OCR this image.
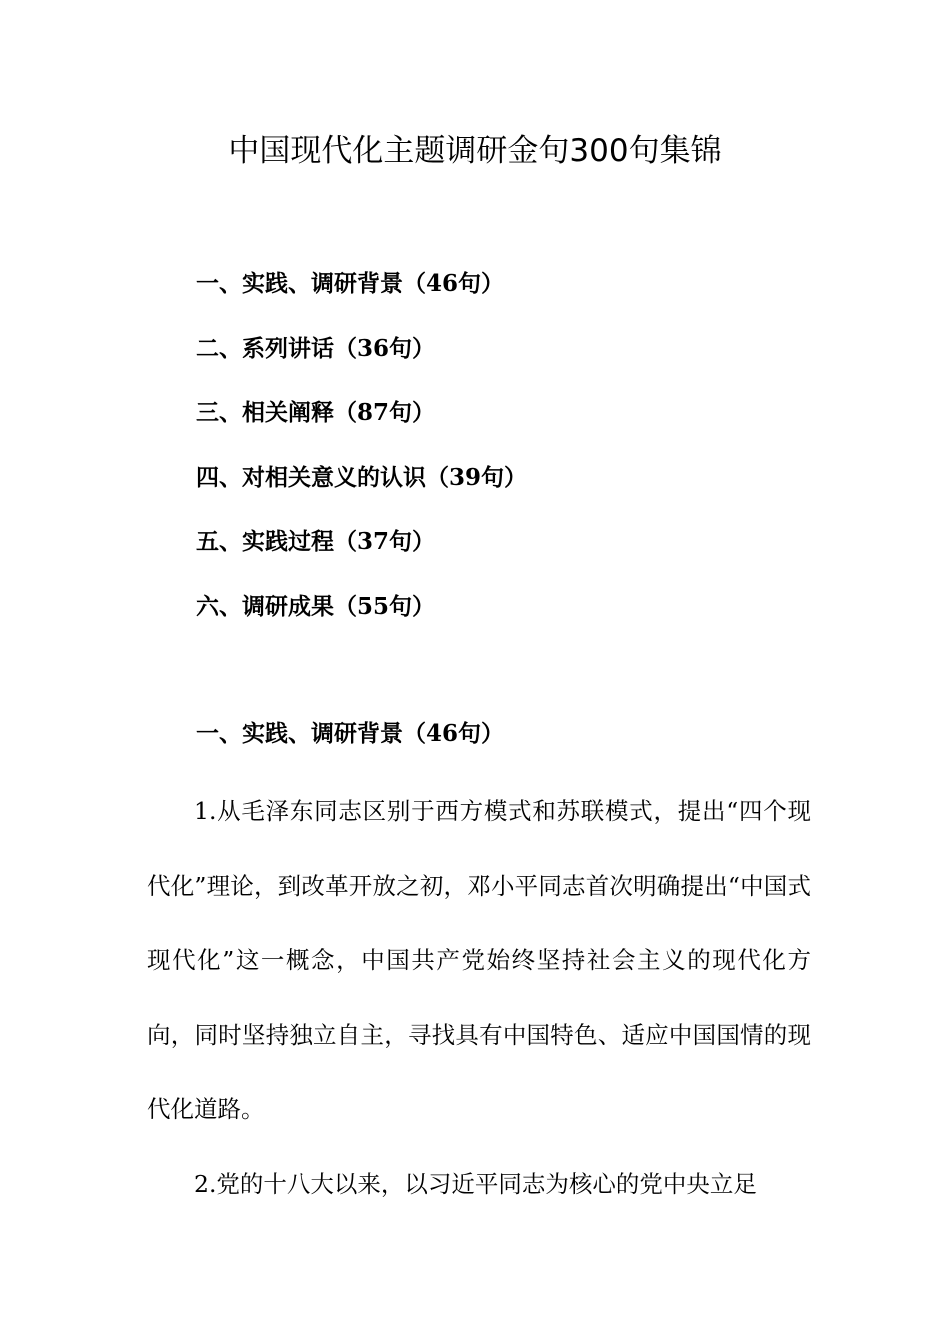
中国现代化主题调研金句300句集锦
一、实践、调研背景（46句）
二、系列讲话（36句）
三、相关阐释（87句）
四、对相关意义的认识（39句）
五、实践过程（37句）
六、调研成果（55句）
一、实践、调研背景（46句）

1.从毛泽东同志区别于西方模式和苏联模式，提出“四个现代化”理论，到改革开放之初，邓小平同志首次明确提出“中国式现代化”这一概念，中国共产党始终坚持社会主义的现代化方向，同时坚持独立自主，寻找具有中国特色、适应中国国情的现代化道路。

2.党的十八大以来，以习近平同志为核心的党中央立足
